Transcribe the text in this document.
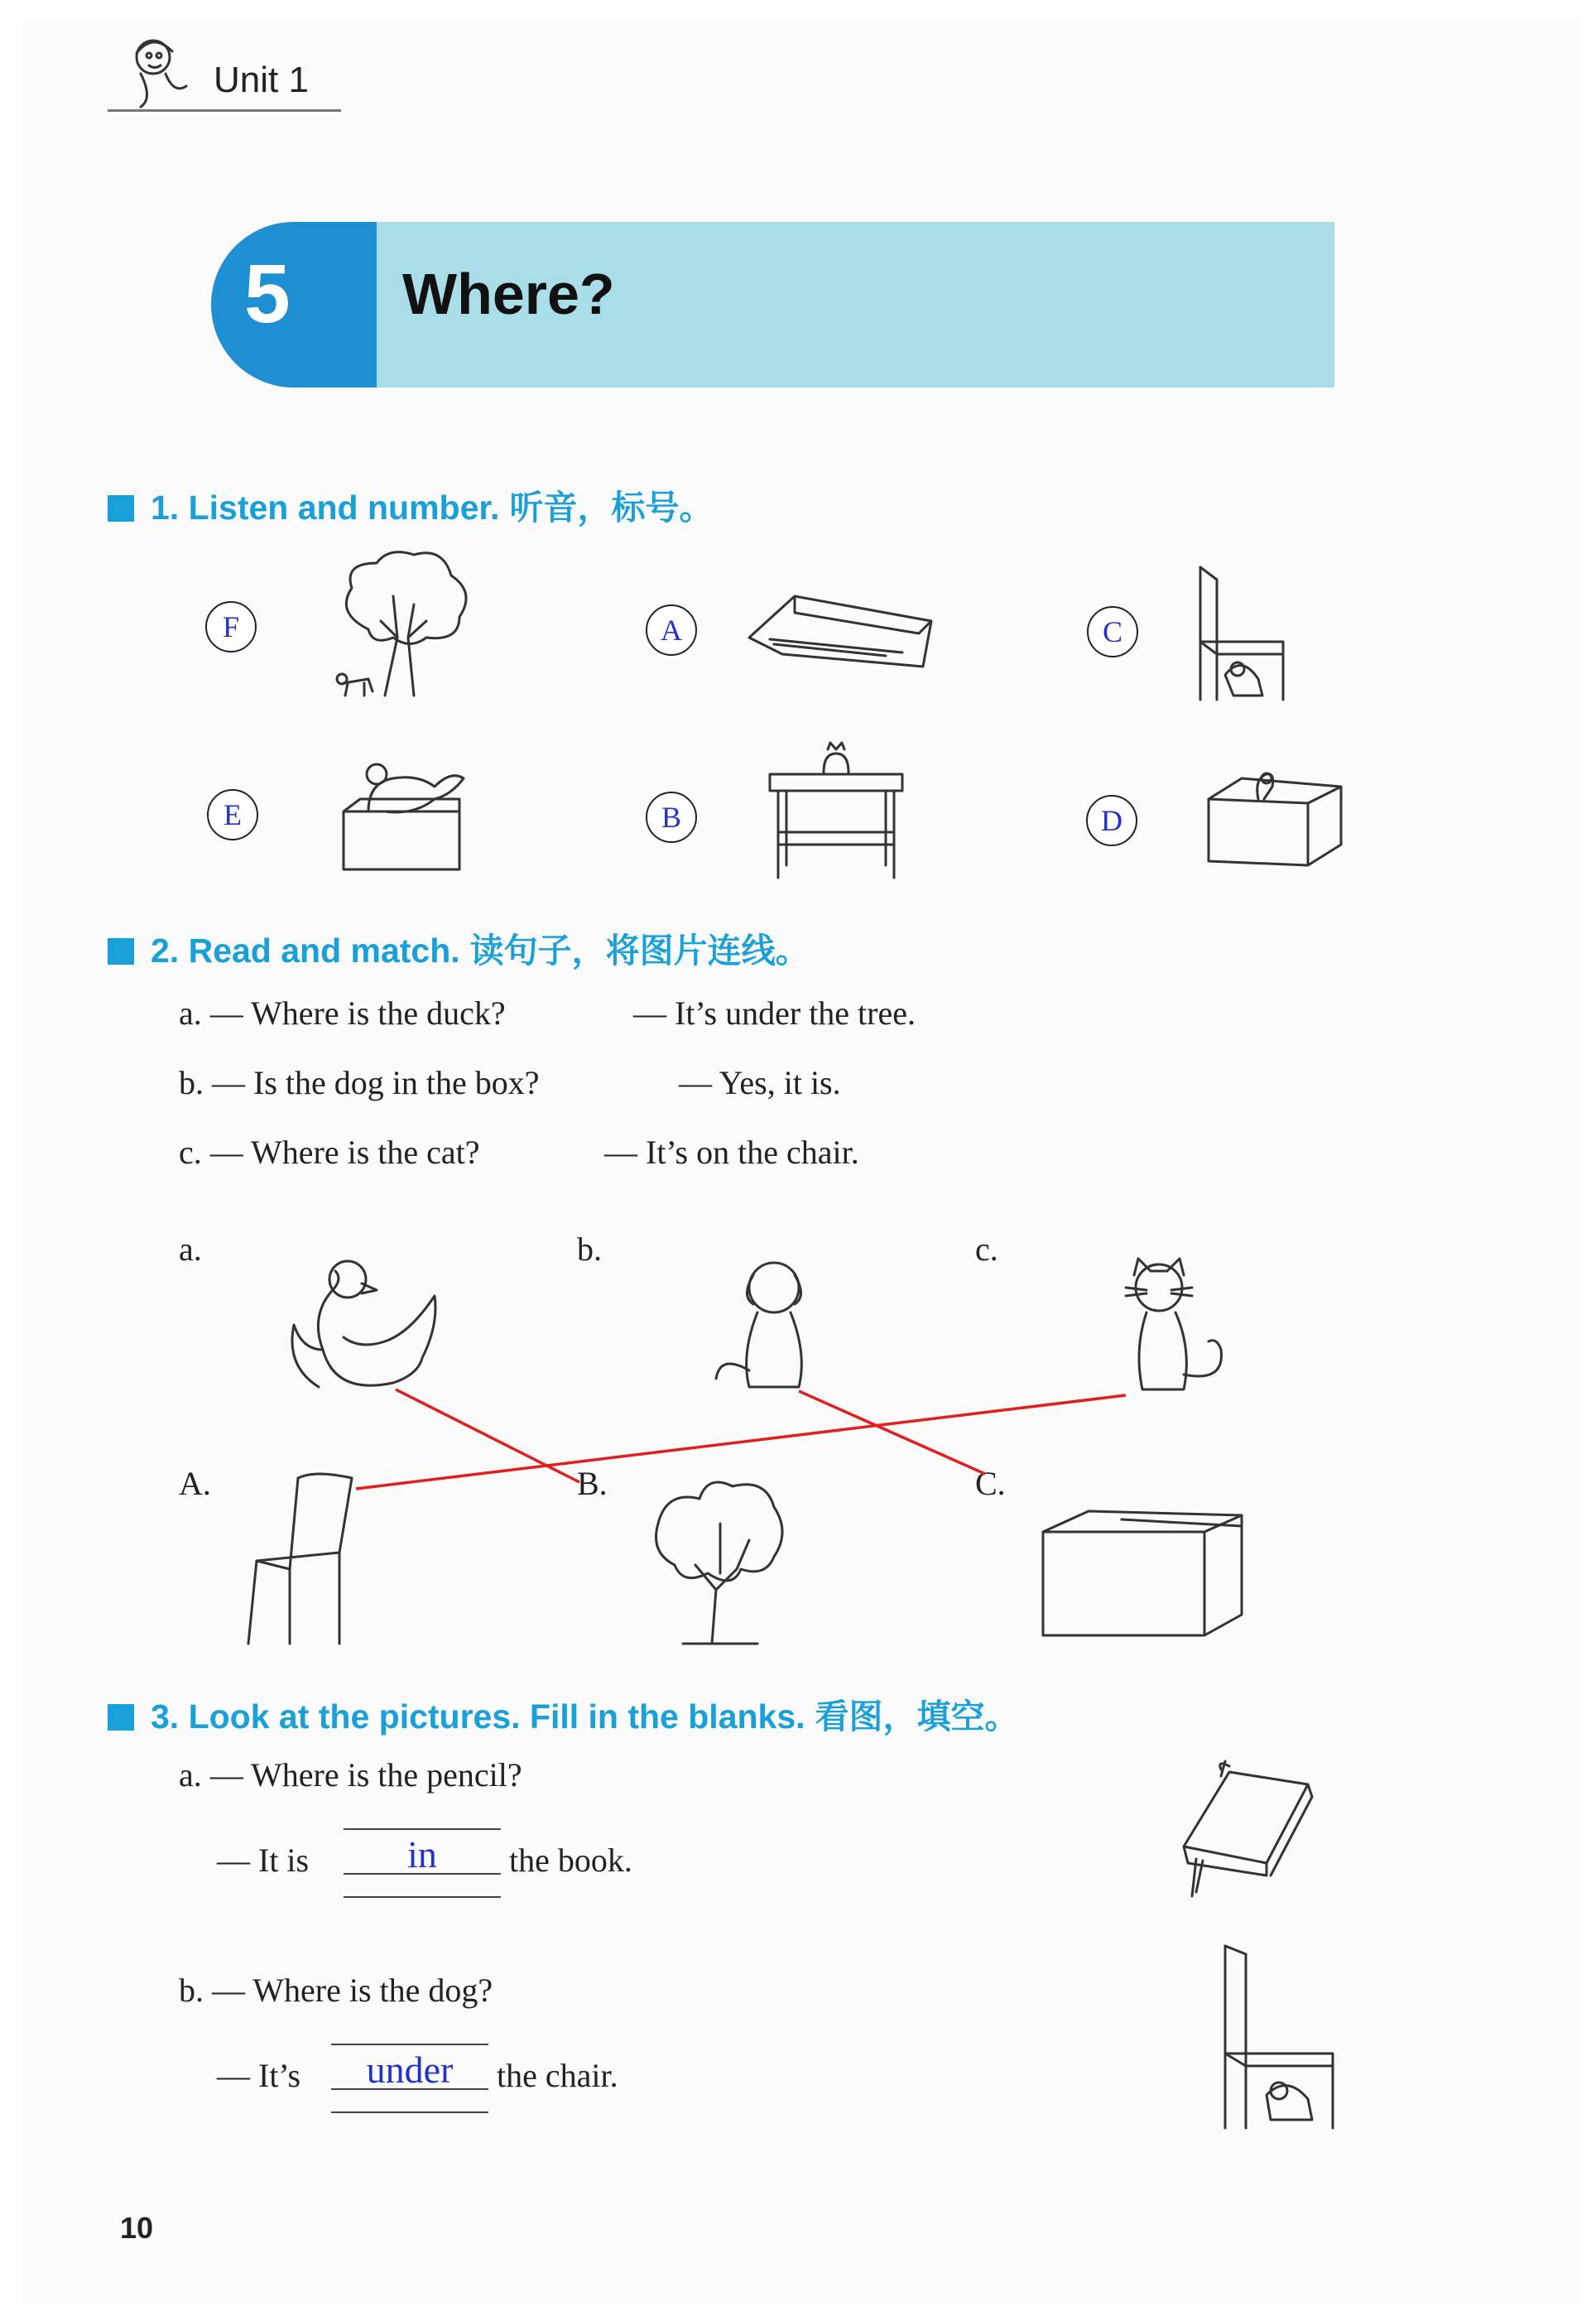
Unit 1
5 Where?
1. Listen and number. 听音，标号。
F	A	C
E	B	D
2. Read and match. 读句子，将图片连线。
a. — Where is the duck?	— It’s under the tree.
b. — Is the dog in the box?	— Yes, it is.
c. — Where is the cat?	— It’s on the chair.
a.	b.	c.
A.	B.	C.
3. Look at the pictures. Fill in the blanks. 看图，填空。
a. — Where is the pencil?
— It is	in	the book.
b. — Where is the dog?
— It’s	under	the chair.
10
